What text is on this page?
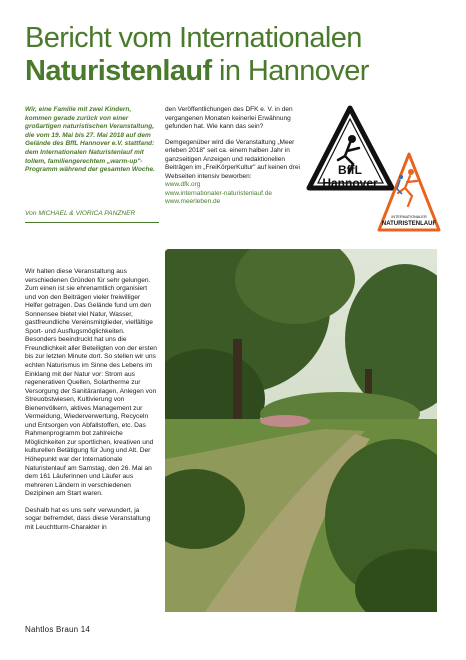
Bericht vom Internationalen
Naturistenlauf in Hannover
Wir, eine Familie mit zwei Kindern, kommen gerade zurück von einer großartigen naturistischen Veranstaltung, die vom 19. Mai bis 27. Mai 2018 auf dem Gelände des BffL Hannover e.V. stattfand: dem Internationalen Naturistenlauf mit tollem, familiengerechtem „warm-up"-Programm während der gesamten Woche.
Von MICHAEL & VIORICA PANZNER

den Veröffentlichungen des DFK e. V. in den vergangenen Monaten keinerlei Erwähnung gefunden hat. Wie kann das sein?

Demgegenüber wird die Veranstaltung „Meer erleben 2018" seit ca. einem halben Jahr in ganzseitigen Anzeigen und redaktionellen Beiträgen im „FreiKörperKultur" auf keinen drei Webseiten intensiv beworben:
www.dfk.org
www.internationaler-naturistenlauf.de
www.meerleben.de

BffL
Hannover
INTERNATIONALER
NATURISTENLAUF

Wir halten diese Veranstaltung aus verschiedenen Gründen für sehr gelungen. Zum einen ist sie ehrenamtlich organisiert und von den Beiträgen vieler freiwilliger Helfer getragen. Das Gelände fund um den Sonnensee bietet viel Natur, Wasser, gastfreundliche Vereinsmitglieder, vielfältige Sport- und Ausflugsmöglichkeiten. Besonders beeindruckt hat uns die Freundlichkeit aller Beteiligten von der ersten bis zur letzten Minute dort. So stellen wir uns echten Naturismus im Sinne des Lebens im Einklang mit der Natur vor: Strom aus regenerativen Quellen, Solartherme zur Versorgung der Sanitäranlagen, Anlegen von Streuobstwiesen, Kultivierung von Bienenvölkern, aktives Management zur Vermeidung, Wiederverwertung, Recyceln und Entsorgen von Abfallstoffen, etc. Das Rahmenprogramm bot zahlreiche Möglichkeiten zur sportlichen, kreativen und kulturellen Betätigung für Jung und Alt. Der Höhepunkt war der Internationale Naturistenlauf am Samstag, den 26. Mai an dem 161 Läuferinnen und Läufer aus mehreren Ländern in verschiedenen Dezipinen am Start waren.

Deshalb hat es uns sehr verwundert, ja sogar befremdet, dass diese Veranstaltung mit Leuchtturm-Charakter in

Nahtlos Braun 14
